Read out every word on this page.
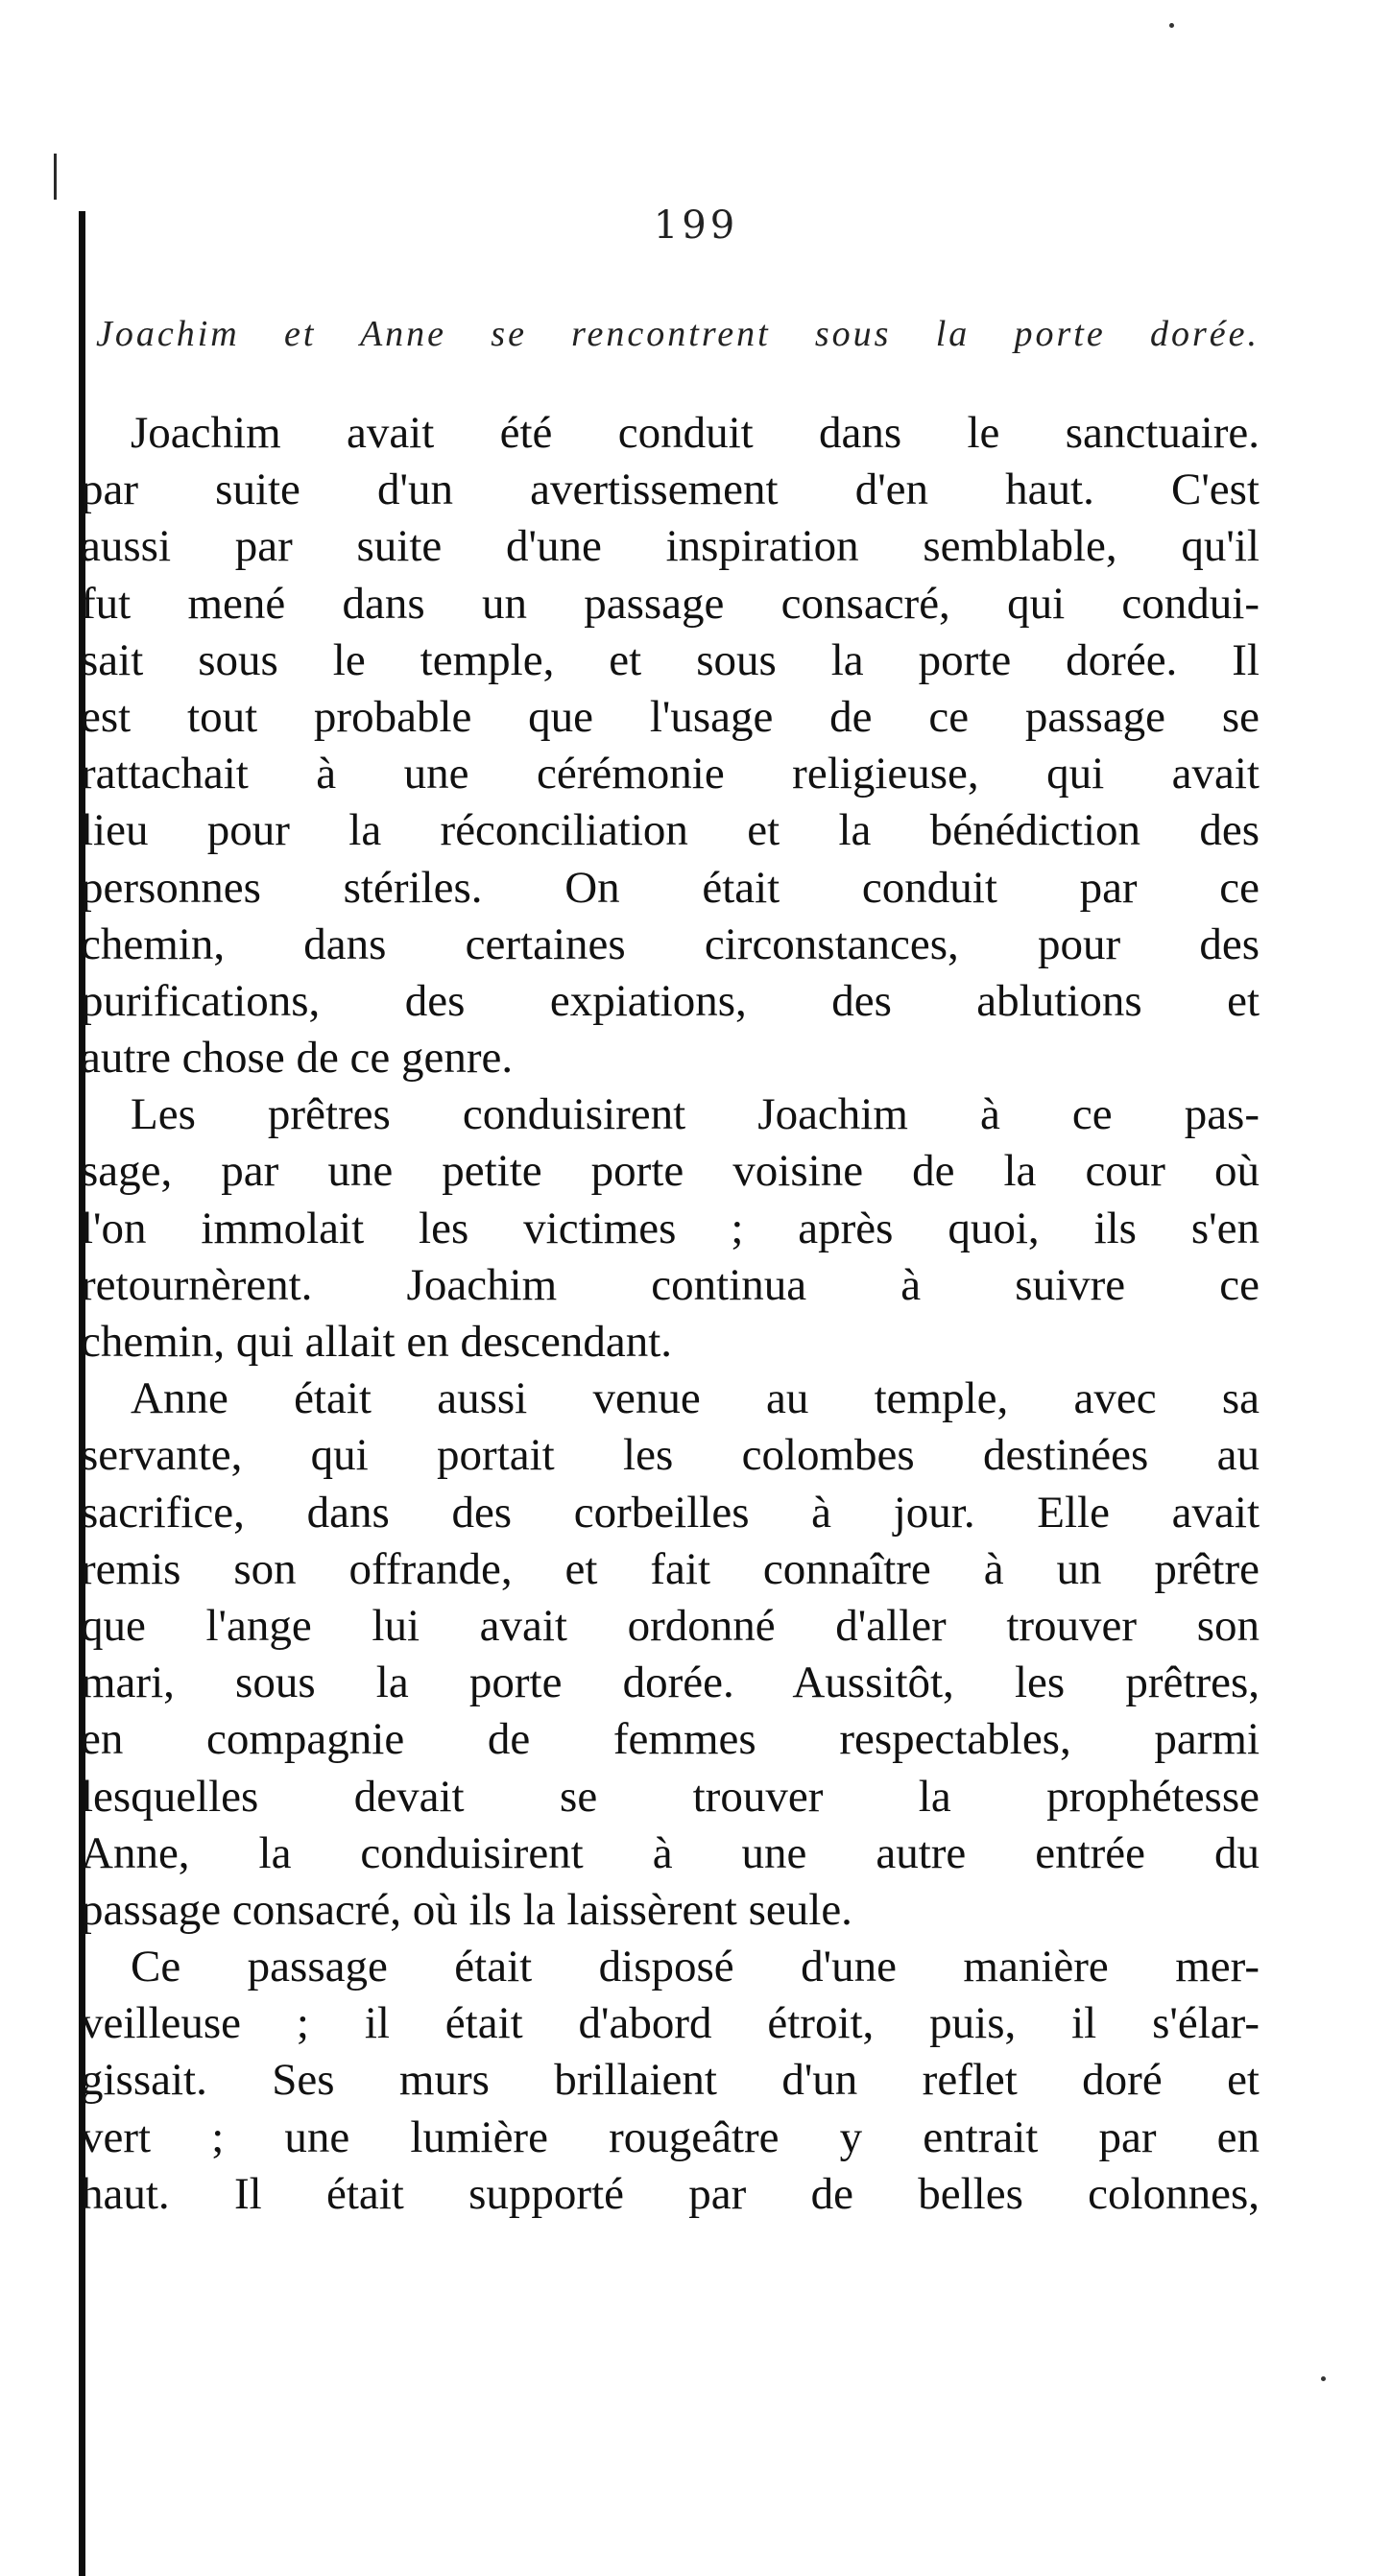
199
Joachim et Anne se rencontrent sous la porte dorée.
Joachim avait été conduit dans le sanctuaire.
par suite d'un avertissement d'en haut. C'est
aussi par suite d'une inspiration semblable, qu'il
fut mené dans un passage consacré, qui condui-
sait sous le temple, et sous la porte dorée. Il
est tout probable que l'usage de ce passage se
rattachait à une cérémonie religieuse, qui avait
lieu pour la réconciliation et la bénédiction des
personnes stériles. On était conduit par ce
chemin, dans certaines circonstances, pour des
purifications, des expiations, des ablutions et
autre chose de ce genre.
Les prêtres conduisirent Joachim à ce pas-
sage, par une petite porte voisine de la cour où
l'on immolait les victimes ; après quoi, ils s'en
retournèrent. Joachim continua à suivre ce
chemin, qui allait en descendant.
Anne était aussi venue au temple, avec sa
servante, qui portait les colombes destinées au
sacrifice, dans des corbeilles à jour. Elle avait
remis son offrande, et fait connaître à un prêtre
que l'ange lui avait ordonné d'aller trouver son
mari, sous la porte dorée. Aussitôt, les prêtres,
en compagnie de femmes respectables, parmi
lesquelles devait se trouver la prophétesse
Anne, la conduisirent à une autre entrée du
passage consacré, où ils la laissèrent seule.
Ce passage était disposé d'une manière mer-
veilleuse ; il était d'abord étroit, puis, il s'élar-
gissait. Ses murs brillaient d'un reflet doré et
vert ; une lumière rougeâtre y entrait par en
haut. Il était supporté par de belles colonnes,
